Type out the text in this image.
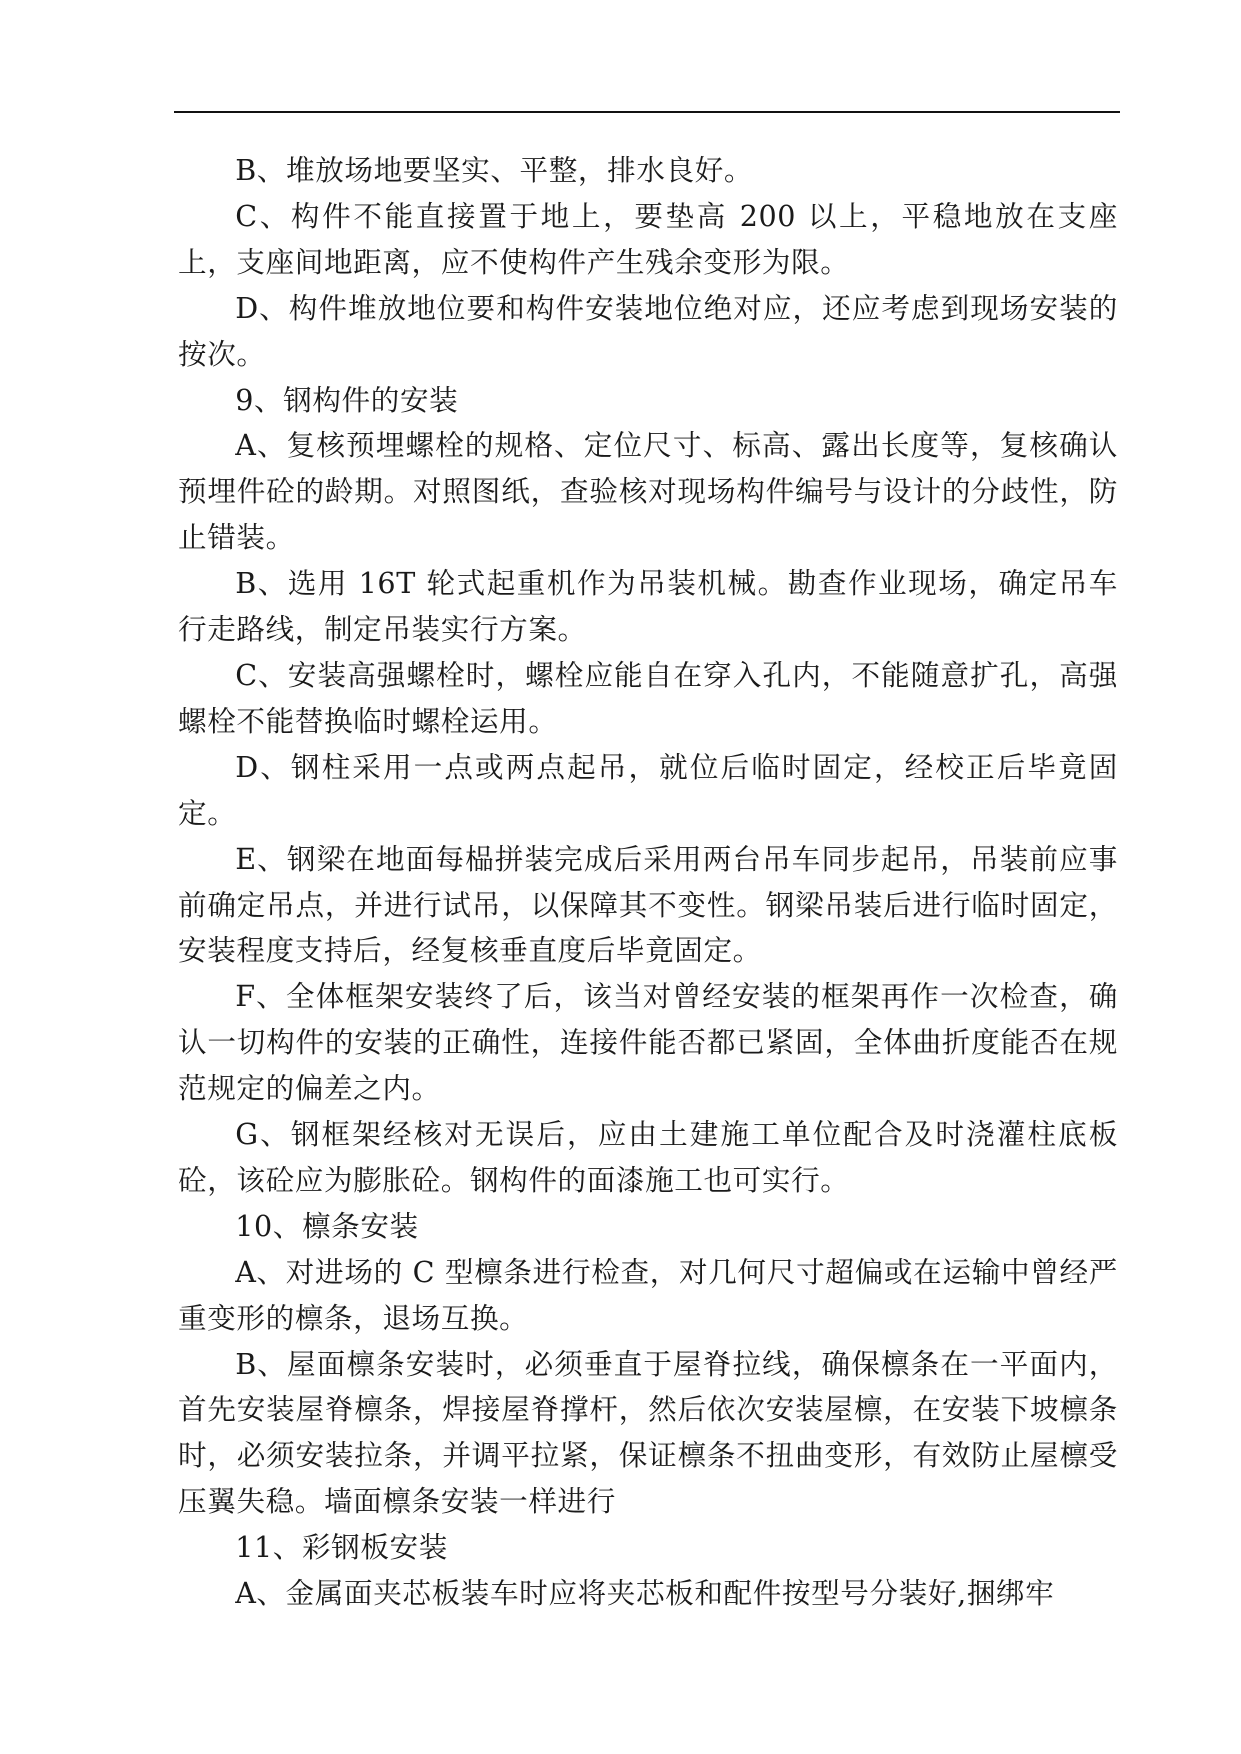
B、堆放场地要坚实、平整，排水良好。

C、构件不能直接置于地上，要垫高 200 以上，平稳地放在支座上，支座间地距离，应不使构件产生残余变形为限。

D、构件堆放地位要和构件安装地位绝对应，还应考虑到现场安装的按次。

9、钢构件的安装

A、复核预埋螺栓的规格、定位尺寸、标高、露出长度等，复核确认预埋件砼的龄期。对照图纸，查验核对现场构件编号与设计的分歧性，防止错装。

B、选用 16T 轮式起重机作为吊装机械。勘查作业现场，确定吊车行走路线，制定吊装实行方案。

C、安装高强螺栓时，螺栓应能自在穿入孔内，不能随意扩孔，高强螺栓不能替换临时螺栓运用。

D、钢柱采用一点或两点起吊，就位后临时固定，经校正后毕竟固定。

E、钢梁在地面每榀拼装完成后采用两台吊车同步起吊，吊装前应事前确定吊点，并进行试吊，以保障其不变性。钢梁吊装后进行临时固定，安装程度支持后，经复核垂直度后毕竟固定。

F、全体框架安装终了后，该当对曾经安装的框架再作一次检查，确认一切构件的安装的正确性，连接件能否都已紧固，全体曲折度能否在规范规定的偏差之内。

G、钢框架经核对无误后，应由土建施工单位配合及时浇灌柱底板砼，该砼应为膨胀砼。钢构件的面漆施工也可实行。

10、檩条安装

A、对进场的 C 型檩条进行检查，对几何尺寸超偏或在运输中曾经严重变形的檩条，退场互换。

B、屋面檩条安装时，必须垂直于屋脊拉线，确保檩条在一平面内，首先安装屋脊檩条，焊接屋脊撑杆，然后依次安装屋檩，在安装下坡檩条时，必须安装拉条，并调平拉紧，保证檩条不扭曲变形，有效防止屋檩受压翼失稳。墙面檩条安装一样进行

11、彩钢板安装

A、金属面夹芯板装车时应将夹芯板和配件按型号分装好,捆绑牢
